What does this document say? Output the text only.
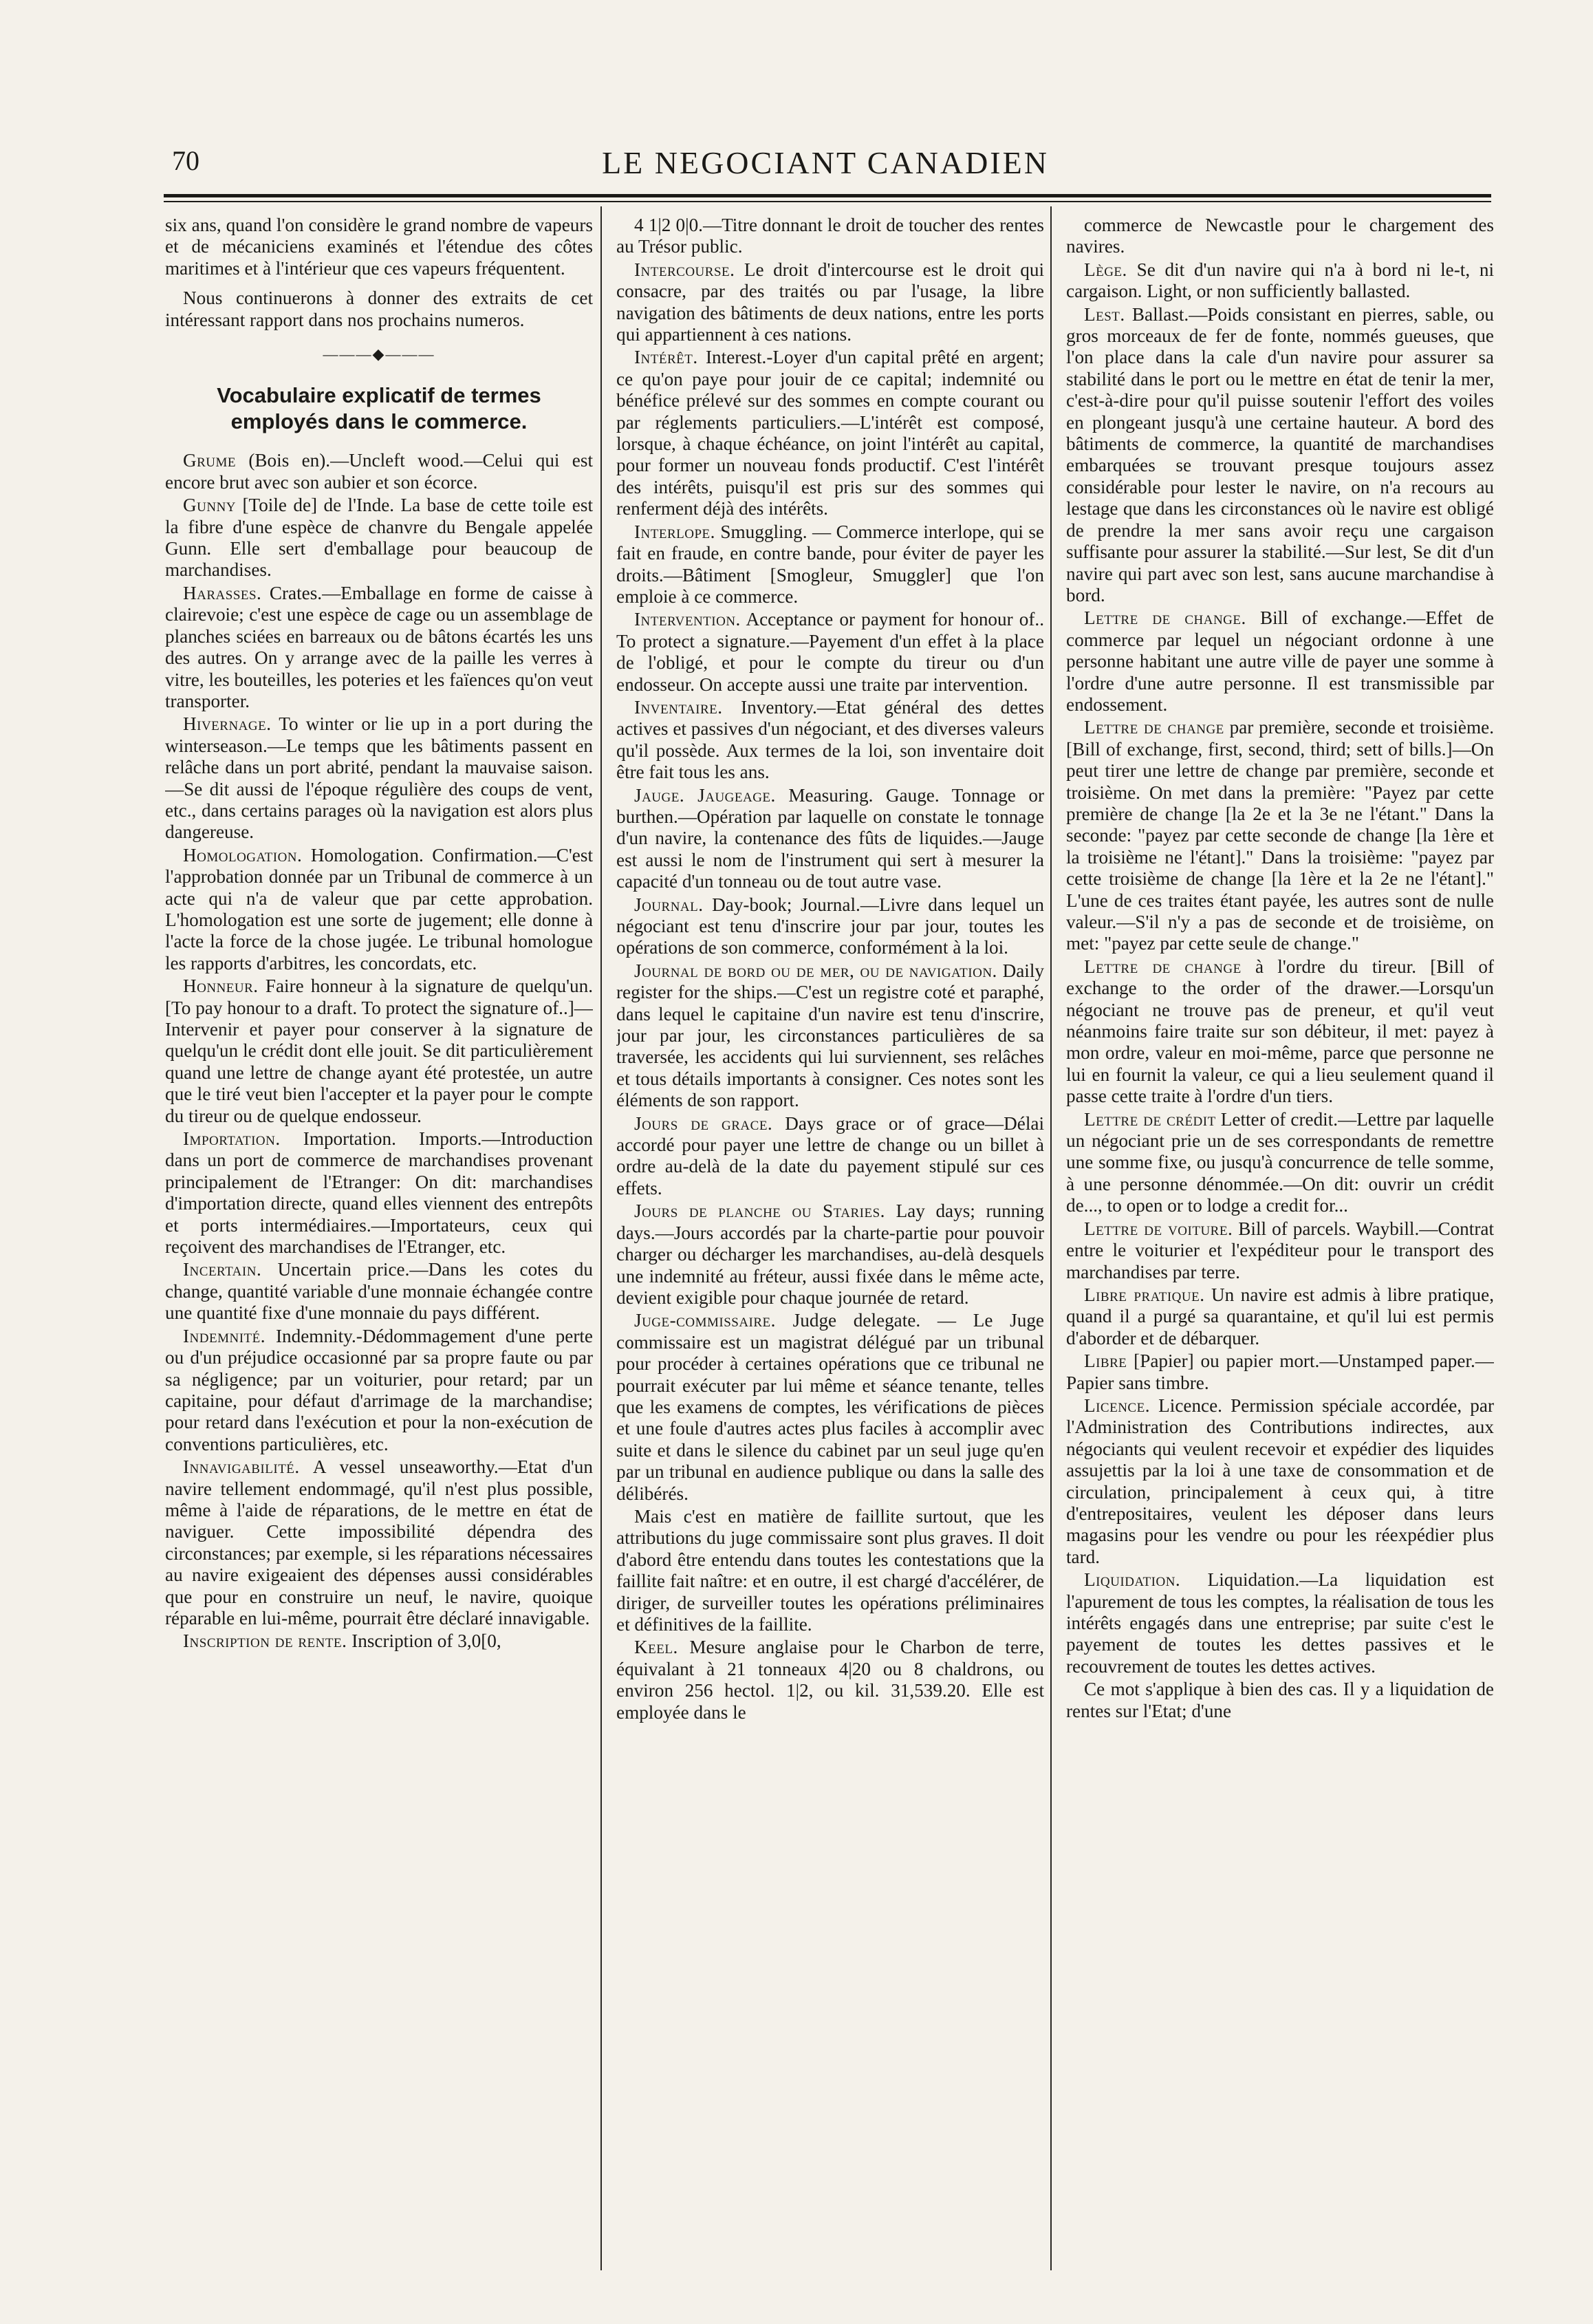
70	LE NEGOCIANT CANADIEN

six ans, quand l'on considère le grand nombre de vapeurs et de mécaniciens examinés et l'étendue des côtes maritimes et à l'intérieur que ces vapeurs fréquentent.

Nous continuerons à donner des extraits de cet intéressant rapport dans nos prochains numeros.

———◆———
Vocabulaire explicatif de termes employés dans le commerce.

Grume (Bois en).—Uncleft wood.—Celui qui est encore brut avec son aubier et son écorce.

Gunny [Toile de] de l'Inde. La base de cette toile est la fibre d'une espèce de chanvre du Bengale appelée Gunn. Elle sert d'emballage pour beaucoup de marchandises.

Harasses. Crates.—Emballage en forme de caisse à clairevoie; c'est une espèce de cage ou un assemblage de planches sciées en barreaux ou de bâtons écartés les uns des autres. On y arrange avec de la paille les verres à vitre, les bouteilles, les poteries et les faïences qu'on veut transporter.

Hivernage. To winter or lie up in a port during the winterseason.—Le temps que les bâtiments passent en relâche dans un port abrité, pendant la mauvaise saison.—Se dit aussi de l'époque régulière des coups de vent, etc., dans certains parages où la navigation est alors plus dangereuse.

Homologation. Homologation. Confirmation.—C'est l'approbation donnée par un Tribunal de commerce à un acte qui n'a de valeur que par cette approbation. L'homologation est une sorte de jugement; elle donne à l'acte la force de la chose jugée. Le tribunal homologue les rapports d'arbitres, les concordats, etc.

Honneur. Faire honneur à la signature de quelqu'un. [To pay honour to a draft. To protect the signature of..]—Intervenir et payer pour conserver à la signature de quelqu'un le crédit dont elle jouit. Se dit particulièrement quand une lettre de change ayant été protestée, un autre que le tiré veut bien l'accepter et la payer pour le compte du tireur ou de quelque endosseur.

Importation. Importation. Imports.—Introduction dans un port de commerce de marchandises provenant principalement de l'Etranger: On dit: marchandises d'importation directe, quand elles viennent des entrepôts et ports intermédiaires.—Importateurs, ceux qui reçoivent des marchandises de l'Etranger, etc.

Incertain. Uncertain price.—Dans les cotes du change, quantité variable d'une monnaie échangée contre une quantité fixe d'une monnaie du pays différent.

Indemnité. Indemnity.-Dédommagement d'une perte ou d'un préjudice occasionné par sa propre faute ou par sa négligence; par un voiturier, pour retard; par un capitaine, pour défaut d'arrimage de la marchandise; pour retard dans l'exécution et pour la non-exécution de conventions particulières, etc.

Innavigabilité. A vessel unseaworthy.—Etat d'un navire tellement endommagé, qu'il n'est plus possible, même à l'aide de réparations, de le mettre en état de naviguer. Cette impossibilité dépendra des circonstances; par exemple, si les réparations nécessaires au navire exigeaient des dépenses aussi considérables que pour en construire un neuf, le navire, quoique réparable en lui-même, pourrait être déclaré innavigable.

Inscription de rente. Inscription of 3,0[0,

4 1|2 0|0.—Titre donnant le droit de toucher des rentes au Trésor public.

Intercourse. Le droit d'intercourse est le droit qui consacre, par des traités ou par l'usage, la libre navigation des bâtiments de deux nations, entre les ports qui appartiennent à ces nations.

Intérêt. Interest.-Loyer d'un capital prêté en argent; ce qu'on paye pour jouir de ce capital; indemnité ou bénéfice prélevé sur des sommes en compte courant ou par réglements particuliers.—L'intérêt est composé, lorsque, à chaque échéance, on joint l'intérêt au capital, pour former un nouveau fonds productif. C'est l'intérêt des intérêts, puisqu'il est pris sur des sommes qui renferment déjà des intérêts.

Interlope. Smuggling. — Commerce interlope, qui se fait en fraude, en contre bande, pour éviter de payer les droits.—Bâtiment [Smogleur, Smuggler] que l'on emploie à ce commerce.

Intervention. Acceptance or payment for honour of.. To protect a signature.—Payement d'un effet à la place de l'obligé, et pour le compte du tireur ou d'un endosseur. On accepte aussi une traite par intervention.

Inventaire. Inventory.—Etat général des dettes actives et passives d'un négociant, et des diverses valeurs qu'il possède. Aux termes de la loi, son inventaire doit être fait tous les ans.

Jauge. Jaugeage. Measuring. Gauge. Tonnage or burthen.—Opération par laquelle on constate le tonnage d'un navire, la contenance des fûts de liquides.—Jauge est aussi le nom de l'instrument qui sert à mesurer la capacité d'un tonneau ou de tout autre vase.

Journal. Day-book; Journal.—Livre dans lequel un négociant est tenu d'inscrire jour par jour, toutes les opérations de son commerce, conformément à la loi.

Journal de bord ou de mer, ou de navigation. Daily register for the ships.—C'est un registre coté et paraphé, dans lequel le capitaine d'un navire est tenu d'inscrire, jour par jour, les circonstances particulières de sa traversée, les accidents qui lui surviennent, ses relâches et tous détails importants à consigner. Ces notes sont les éléments de son rapport.

Jours de grace. Days grace or of grace—Délai accordé pour payer une lettre de change ou un billet à ordre au-delà de la date du payement stipulé sur ces effets.

Jours de planche ou Staries. Lay days; running days.—Jours accordés par la charte-partie pour pouvoir charger ou décharger les marchandises, au-delà desquels une indemnité au fréteur, aussi fixée dans le même acte, devient exigible pour chaque journée de retard.

Juge-commissaire. Judge delegate. — Le Juge commissaire est un magistrat délégué par un tribunal pour procéder à certaines opérations que ce tribunal ne pourrait exécuter par lui même et séance tenante, telles que les examens de comptes, les vérifications de pièces et une foule d'autres actes plus faciles à accomplir avec suite et dans le silence du cabinet par un seul juge qu'en par un tribunal en audience publique ou dans la salle des délibérés.

Mais c'est en matière de faillite surtout, que les attributions du juge commissaire sont plus graves. Il doit d'abord être entendu dans toutes les contestations que la faillite fait naître: et en outre, il est chargé d'accélérer, de diriger, de surveiller toutes les opérations préliminaires et définitives de la faillite.

Keel. Mesure anglaise pour le Charbon de terre, équivalant à 21 tonneaux 4|20 ou 8 chaldrons, ou environ 256 hectol. 1|2, ou kil. 31,539.20. Elle est employée dans le

commerce de Newcastle pour le chargement des navires.

Lège. Se dit d'un navire qui n'a à bord ni le-t, ni cargaison. Light, or non sufficiently ballasted.

Lest. Ballast.—Poids consistant en pierres, sable, ou gros morceaux de fer de fonte, nommés gueuses, que l'on place dans la cale d'un navire pour assurer sa stabilité dans le port ou le mettre en état de tenir la mer, c'est-à-dire pour qu'il puisse soutenir l'effort des voiles en plongeant jusqu'à une certaine hauteur. A bord des bâtiments de commerce, la quantité de marchandises embarquées se trouvant presque toujours assez considérable pour lester le navire, on n'a recours au lestage que dans les circonstances où le navire est obligé de prendre la mer sans avoir reçu une cargaison suffisante pour assurer la stabilité.—Sur lest, Se dit d'un navire qui part avec son lest, sans aucune marchandise à bord.

Lettre de change. Bill of exchange.—Effet de commerce par lequel un négociant ordonne à une personne habitant une autre ville de payer une somme à l'ordre d'une autre personne. Il est transmissible par endossement.

Lettre de change par première, seconde et troisième. [Bill of exchange, first, second, third; sett of bills.]—On peut tirer une lettre de change par première, seconde et troisième. On met dans la première: "Payez par cette première de change [la 2e et la 3e ne l'étant." Dans la seconde: "payez par cette seconde de change [la 1ère et la troisième ne l'étant]." Dans la troisième: "payez par cette troisième de change [la 1ère et la 2e ne l'étant]." L'une de ces traites étant payée, les autres sont de nulle valeur.—S'il n'y a pas de seconde et de troisième, on met: "payez par cette seule de change."

Lettre de change à l'ordre du tireur. [Bill of exchange to the order of the drawer.—Lorsqu'un négociant ne trouve pas de preneur, et qu'il veut néanmoins faire traite sur son débiteur, il met: payez à mon ordre, valeur en moi-même, parce que personne ne lui en fournit la valeur, ce qui a lieu seulement quand il passe cette traite à l'ordre d'un tiers.

Lettre de crédit Letter of credit.—Lettre par laquelle un négociant prie un de ses correspondants de remettre une somme fixe, ou jusqu'à concurrence de telle somme, à une personne dénommée.—On dit: ouvrir un crédit de..., to open or to lodge a credit for...

Lettre de voiture. Bill of parcels. Waybill.—Contrat entre le voiturier et l'expéditeur pour le transport des marchandises par terre.

Libre pratique. Un navire est admis à libre pratique, quand il a purgé sa quarantaine, et qu'il lui est permis d'aborder et de débarquer.

Libre [Papier] ou papier mort.—Unstamped paper.—Papier sans timbre.

Licence. Licence. Permission spéciale accordée, par l'Administration des Contributions indirectes, aux négociants qui veulent recevoir et expédier des liquides assujettis par la loi à une taxe de consommation et de circulation, principalement à ceux qui, à titre d'entrepositaires, veulent les déposer dans leurs magasins pour les vendre ou pour les réexpédier plus tard.

Liquidation. Liquidation.—La liquidation est l'apurement de tous les comptes, la réalisation de tous les intérêts engagés dans une entreprise; par suite c'est le payement de toutes les dettes passives et le recouvrement de toutes les dettes actives.

Ce mot s'applique à bien des cas. Il y a liquidation de rentes sur l'Etat; d'une
